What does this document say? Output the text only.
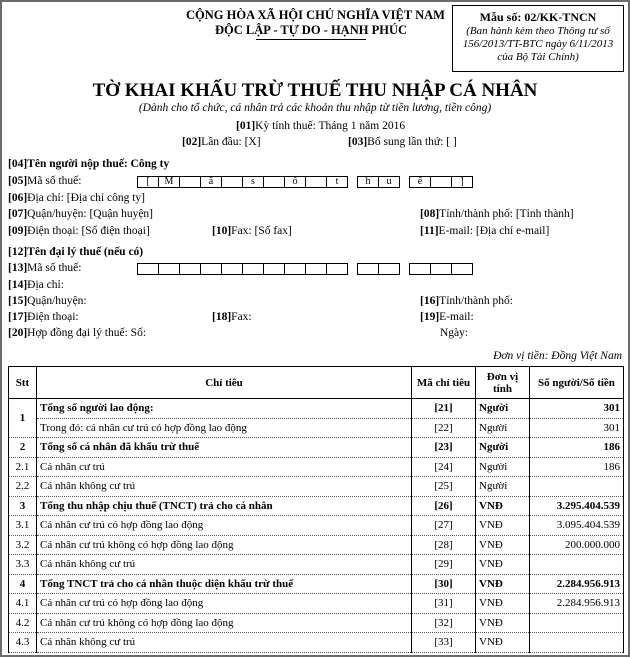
CỘNG HÒA XÃ HỘI CHỦ NGHĨA VIỆT NAM
ĐỘC LẬP - TỰ DO - HẠNH PHÚC
Mẫu số: 02/KK-TNCN
(Ban hành kèm theo Thông tư số 156/2013/TT-BTC ngày 6/11/2013 của Bộ Tài Chính)
TỜ KHAI KHẤU TRỪ THUẾ THU NHẬP CÁ NHÂN
(Dành cho tổ chức, cá nhân trả các khoản thu nhập từ tiền lương, tiền công)
[01]Kỳ tính thuế: Tháng 1 năm 2016
[02]Lần đầu: [X]	[03]Bổ sung lần thứ: [ ]
[04]Tên người nộp thuế: Công ty
[05]Mã số thuế:	[	M	ã	s	ố	t	h	u	ế	]
[06]Địa chỉ: [Địa chỉ công ty]
[07]Quận/huyện: [Quận huyện]	[08]Tỉnh/thành phố: [Tỉnh thành]
[09]Điện thoại: [Số điện thoại]	[10]Fax: [Số fax]	[11]E-mail: [Địa chỉ e-mail]
[12]Tên đại lý thuế (nếu có)
[13]Mã số thuế:
[14]Địa chỉ:
[15]Quận/huyện:	[16]Tỉnh/thành phố:
[17]Điện thoại:	[18]Fax:	[19]E-mail:
[20]Hợp đồng đại lý thuế: Số:	Ngày:
Đơn vị tiền: Đồng Việt Nam
Stt	Chỉ tiêu	Mã chỉ tiêu	Đơn vị tính	Số người/Số tiền
1	Tổng số người lao động:	[21]	Người	301
	Trong đó: cá nhân cư trú có hợp đồng lao động	[22]	Người	301
2	Tổng số cá nhân đã khấu trừ thuế	[23]	Người	186
2.1	Cá nhân cư trú	[24]	Người	186
2.2	Cá nhân không cư trú	[25]	Người	
3	Tổng thu nhập chịu thuế (TNCT) trả cho cá nhân	[26]	VNĐ	3.295.404.539
3.1	Cá nhân cư trú có hợp đồng lao động	[27]	VNĐ	3.095.404.539
3.2	Cá nhân cư trú không có hợp đồng lao động	[28]	VNĐ	200.000.000
3.3	Cá nhân không cư trú	[29]	VNĐ	
4	Tổng TNCT trả cho cá nhân thuộc diện khấu trừ thuế	[30]	VNĐ	2.284.956.913
4.1	Cá nhân cư trú có hợp đồng lao động	[31]	VNĐ	2.284.956.913
4.2	Cá nhân cư trú không có hợp đồng lao động	[32]	VNĐ	
4.3	Cá nhân không cư trú	[33]	VNĐ	
